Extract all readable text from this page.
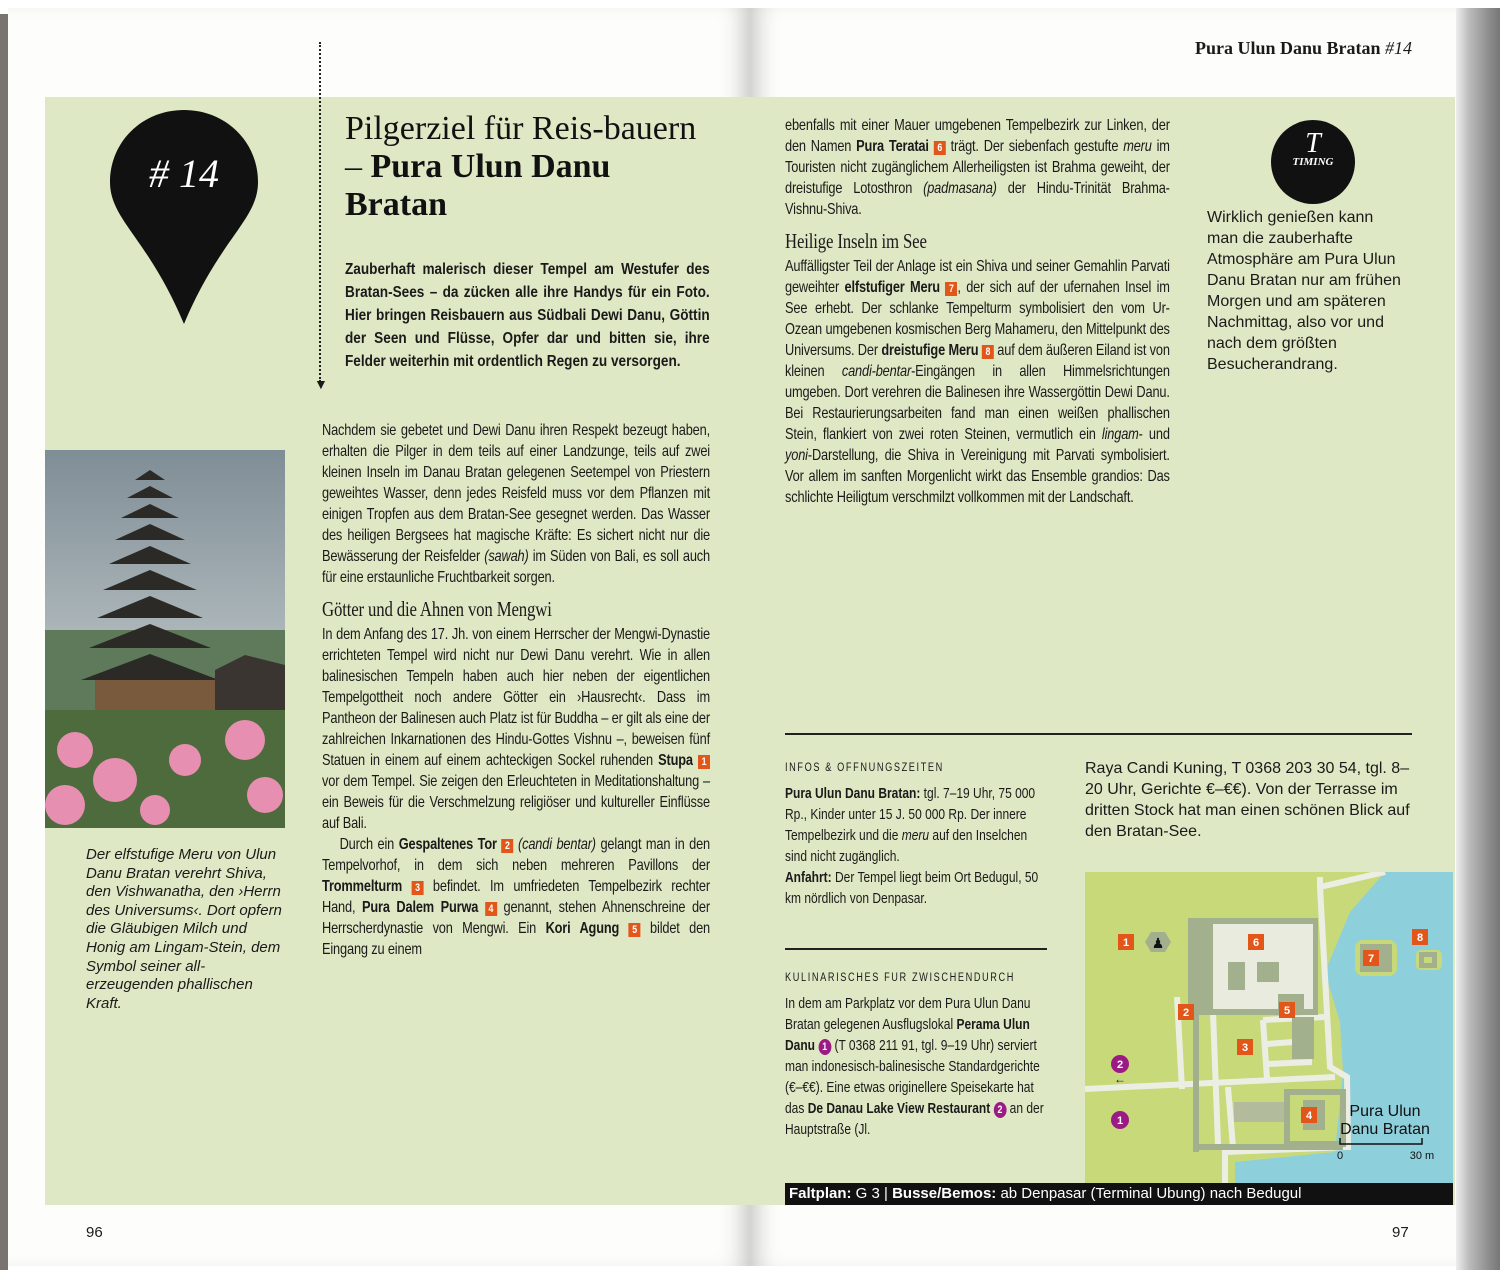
# 14
▼
Pilgerziel für Reis-bauern – Pura Ulun Danu Bratan
Zauberhaft malerisch dieser Tempel am Westufer des Bratan-Sees – da zücken alle ihre Handys für ein Foto. Hier bringen Reisbauern aus Südbali Dewi Danu, Göttin der Seen und Flüsse, Opfer dar und bitten sie, ihre Felder weiterhin mit ordentlich Regen zu versorgen.
Der elfstufige Meru von Ulun Danu Bratan verehrt Shiva, den Vishwanatha, den ›Herrn des Universums‹. Dort opfern die Gläubigen Milch und Honig am Lingam-Stein, dem Symbol seiner all-erzeugenden phallischen Kraft.

Nachdem sie gebetet und Dewi Danu ihren Respekt bezeugt haben, erhalten die Pilger in dem teils auf einer Landzunge, teils auf zwei kleinen Inseln im Danau Bratan gelegenen Seetempel von Priestern geweihtes Wasser, denn jedes Reisfeld muss vor dem Pflanzen mit einigen Tropfen aus dem Bratan-See gesegnet werden. Das Wasser des heiligen Bergsees hat magische Kräfte: Es sichert nicht nur die Bewässerung der Reisfelder (sawah) im Süden von Bali, es soll auch für eine erstaunliche Fruchtbarkeit sorgen.

Götter und die Ahnen von Mengwi

In dem Anfang des 17. Jh. von einem Herrscher der Mengwi-Dynastie errichteten Tempel wird nicht nur Dewi Danu verehrt. Wie in allen balinesischen Tempeln haben auch hier neben der eigentlichen Tempelgottheit noch andere Götter ein ›Hausrecht‹. Dass im Pantheon der Balinesen auch Platz ist für Buddha – er gilt als eine der zahlreichen Inkarnationen des Hindu-Gottes Vishnu –, beweisen fünf Statuen in einem auf einem achteckigen Sockel ruhenden Stupa 1 vor dem Tempel. Sie zeigen den Erleuchteten in Meditationshaltung – ein Beweis für die Verschmelzung religiöser und kultureller Einflüsse auf Bali.

Durch ein Gespaltenes Tor 2 (candi bentar) gelangt man in den Tempelvorhof, in dem sich neben mehreren Pavillons der Trommelturm 3 befindet. Im umfriedeten Tempelbezirk rechter Hand, Pura Dalem Purwa 4 genannt, stehen Ahnenschreine der Herrscherdynastie von Mengwi. Ein Kori Agung 5 bildet den Eingang zu einem

96
Pura Ulun Danu Bratan #14

ebenfalls mit einer Mauer umgebenen Tempelbezirk zur Linken, der den Namen Pura Teratai 6 trägt. Der siebenfach gestufte meru im Touristen nicht zugänglichem Allerheiligsten ist Brahma geweiht, der dreistufige Lotosthron (padmasana) der Hindu-Trinität Brahma-Vishnu-Shiva.

Heilige Inseln im See

Auffälligster Teil der Anlage ist ein Shiva und seiner Gemahlin Parvati geweihter elfstufiger Meru 7 , der sich auf der ufernahen Insel im See erhebt. Der schlanke Tempelturm symbolisiert den vom Ur-Ozean umgebenen kosmischen Berg Mahameru, den Mittelpunkt des Universums. Der dreistufige Meru 8 auf dem äußeren Eiland ist von kleinen candi-bentar-Eingängen in allen Himmelsrichtungen umgeben. Dort verehren die Balinesen ihre Wassergöttin Dewi Danu. Bei Restaurierungsarbeiten fand man einen weißen phallischen Stein, flankiert von zwei roten Steinen, vermutlich ein lingam- und yoni-Darstellung, die Shiva in Vereinigung mit Parvati symbolisiert. Vor allem im sanften Morgenlicht wirkt das Ensemble grandios: Das schlichte Heiligtum verschmilzt vollkommen mit der Landschaft.

T
TIMING
Wirklich genießen kann man die zauberhafte Atmosphäre am Pura Ulun Danu Bratan nur am frühen Morgen und am späteren Nachmittag, also vor und nach dem größten Besucherandrang.
INFOS & ÖFFNUNGSZEITEN
Pura Ulun Danu Bratan: tgl. 7–19 Uhr, 75 000 Rp., Kinder unter 15 J. 50 000 Rp. Der innere Tempelbezirk und die meru auf den Inselchen sind nicht zugänglich.
Anfahrt: Der Tempel liegt beim Ort Bedugul, 50 km nördlich von Denpasar.
KULINARISCHES FÜR ZWISCHENDURCH
In dem am Parkplatz vor dem Pura Ulun Danu Bratan gelegenen Ausflugslokal Perama Ulun Danu 1 (T 0368 211 91, tgl. 9–19 Uhr) serviert man indonesisch-balinesische Standardgerichte (€–€€). Eine etwas originellere Speisekarte hat das De Danau Lake View Restaurant 2 an der Hauptstraße (Jl.
Raya Candi Kuning, T 0368 203 30 54, tgl. 8–20 Uhr, Gerichte €–€€). Von der Terrasse im dritten Stock hat man einen schönen Blick auf den Bratan-See.
♟
1
2
3
4
5
6
7
8
1
2
←
Pura Ulun
Danu Bratan
0	30 m
Faltplan: G 3 | Busse/Bemos: ab Denpasar (Terminal Ubung) nach Bedugul
97
